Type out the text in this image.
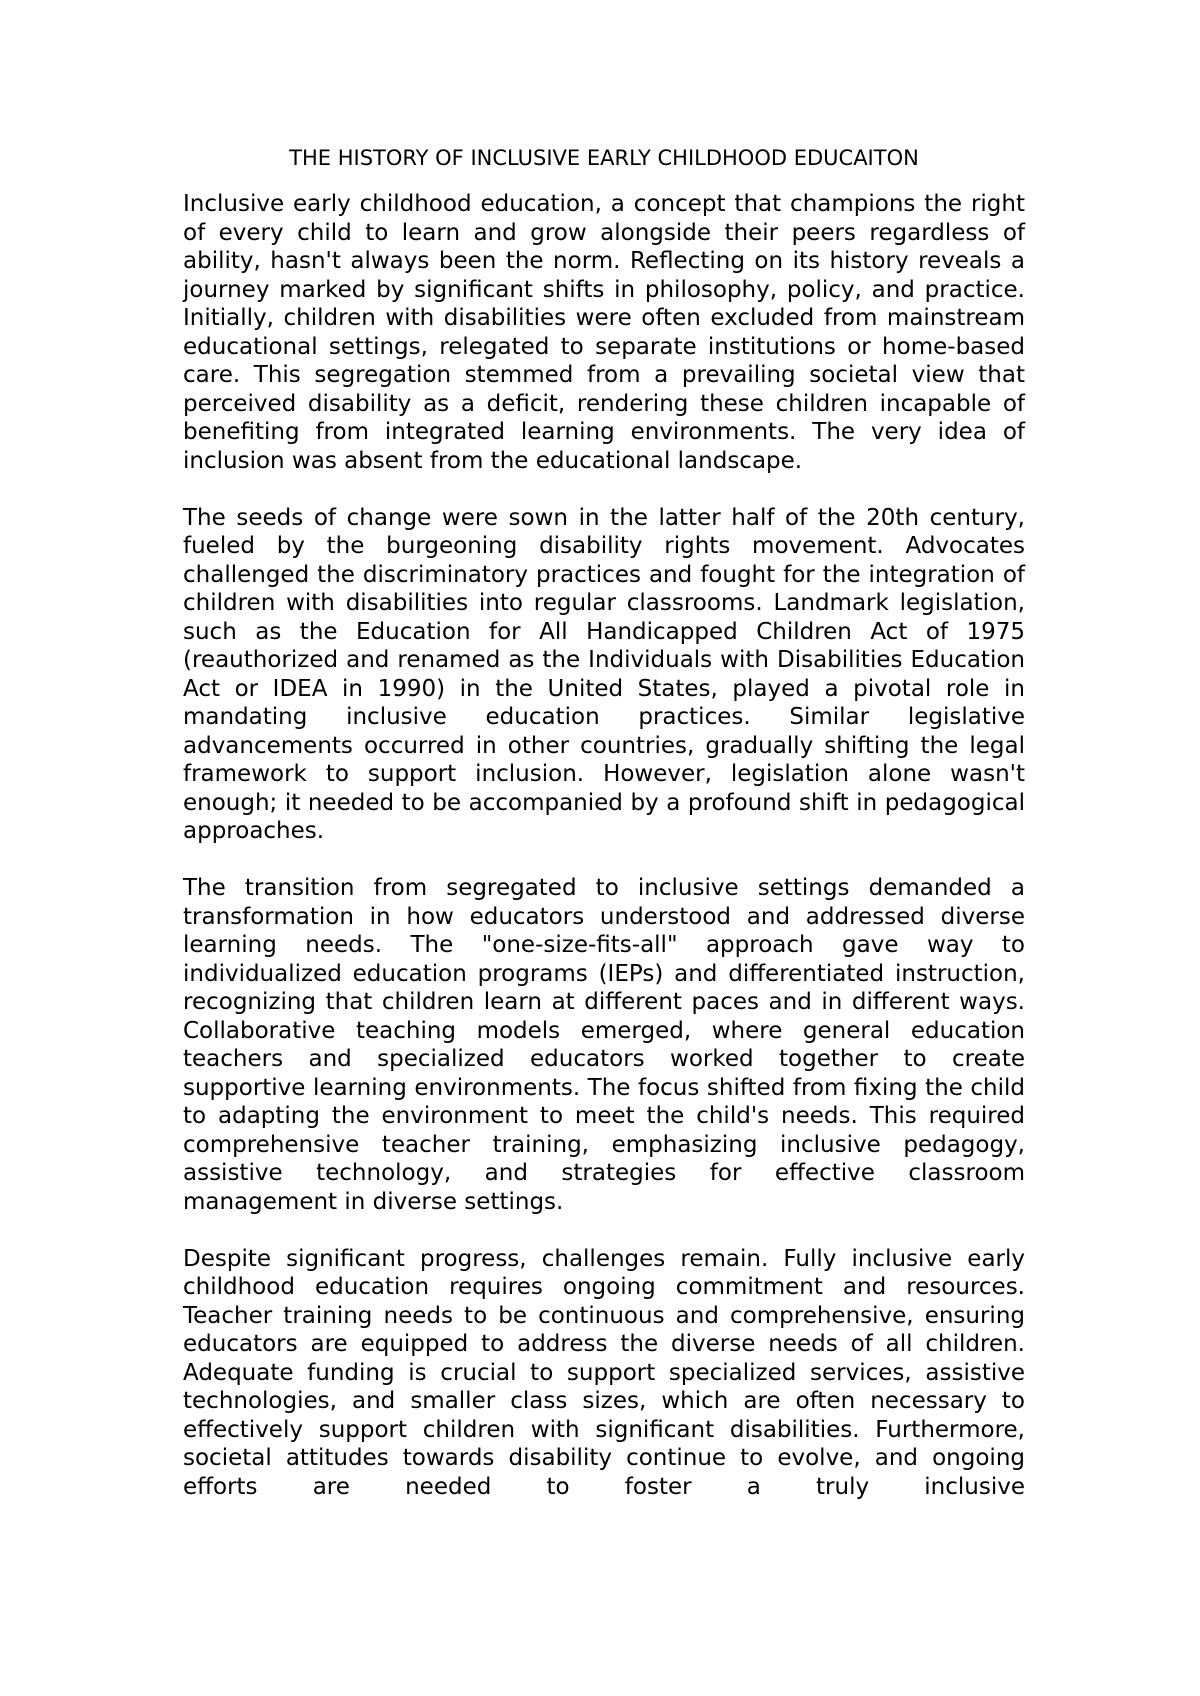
THE HISTORY OF INCLUSIVE EARLY CHILDHOOD EDUCAITON

Inclusive early childhood education, a concept that champions the right of every child to learn and grow alongside their peers regardless of ability, hasn't always been the norm. Reflecting on its history reveals a journey marked by significant shifts in philosophy, policy, and practice. Initially, children with disabilities were often excluded from mainstream educational settings, relegated to separate institutions or home-based care. This segregation stemmed from a prevailing societal view that perceived disability as a deficit, rendering these children incapable of benefiting from integrated learning environments. The very idea of inclusion was absent from the educational landscape.

The seeds of change were sown in the latter half of the 20th century, fueled by the burgeoning disability rights movement. Advocates challenged the discriminatory practices and fought for the integration of children with disabilities into regular classrooms. Landmark legislation, such as the Education for All Handicapped Children Act of 1975 (reauthorized and renamed as the Individuals with Disabilities Education Act or IDEA in 1990) in the United States, played a pivotal role in mandating inclusive education practices. Similar legislative advancements occurred in other countries, gradually shifting the legal framework to support inclusion. However, legislation alone wasn't enough; it needed to be accompanied by a profound shift in pedagogical approaches.

The transition from segregated to inclusive settings demanded a transformation in how educators understood and addressed diverse learning needs. The "one-size-fits-all" approach gave way to individualized education programs (IEPs) and differentiated instruction, recognizing that children learn at different paces and in different ways. Collaborative teaching models emerged, where general education teachers and specialized educators worked together to create supportive learning environments. The focus shifted from fixing the child to adapting the environment to meet the child's needs. This required comprehensive teacher training, emphasizing inclusive pedagogy, assistive technology, and strategies for effective classroom management in diverse settings.

Despite significant progress, challenges remain. Fully inclusive early childhood education requires ongoing commitment and resources. Teacher training needs to be continuous and comprehensive, ensuring educators are equipped to address the diverse needs of all children. Adequate funding is crucial to support specialized services, assistive technologies, and smaller class sizes, which are often necessary to effectively support children with significant disabilities. Furthermore, societal attitudes towards disability continue to evolve, and ongoing efforts are needed to foster a truly inclusive
